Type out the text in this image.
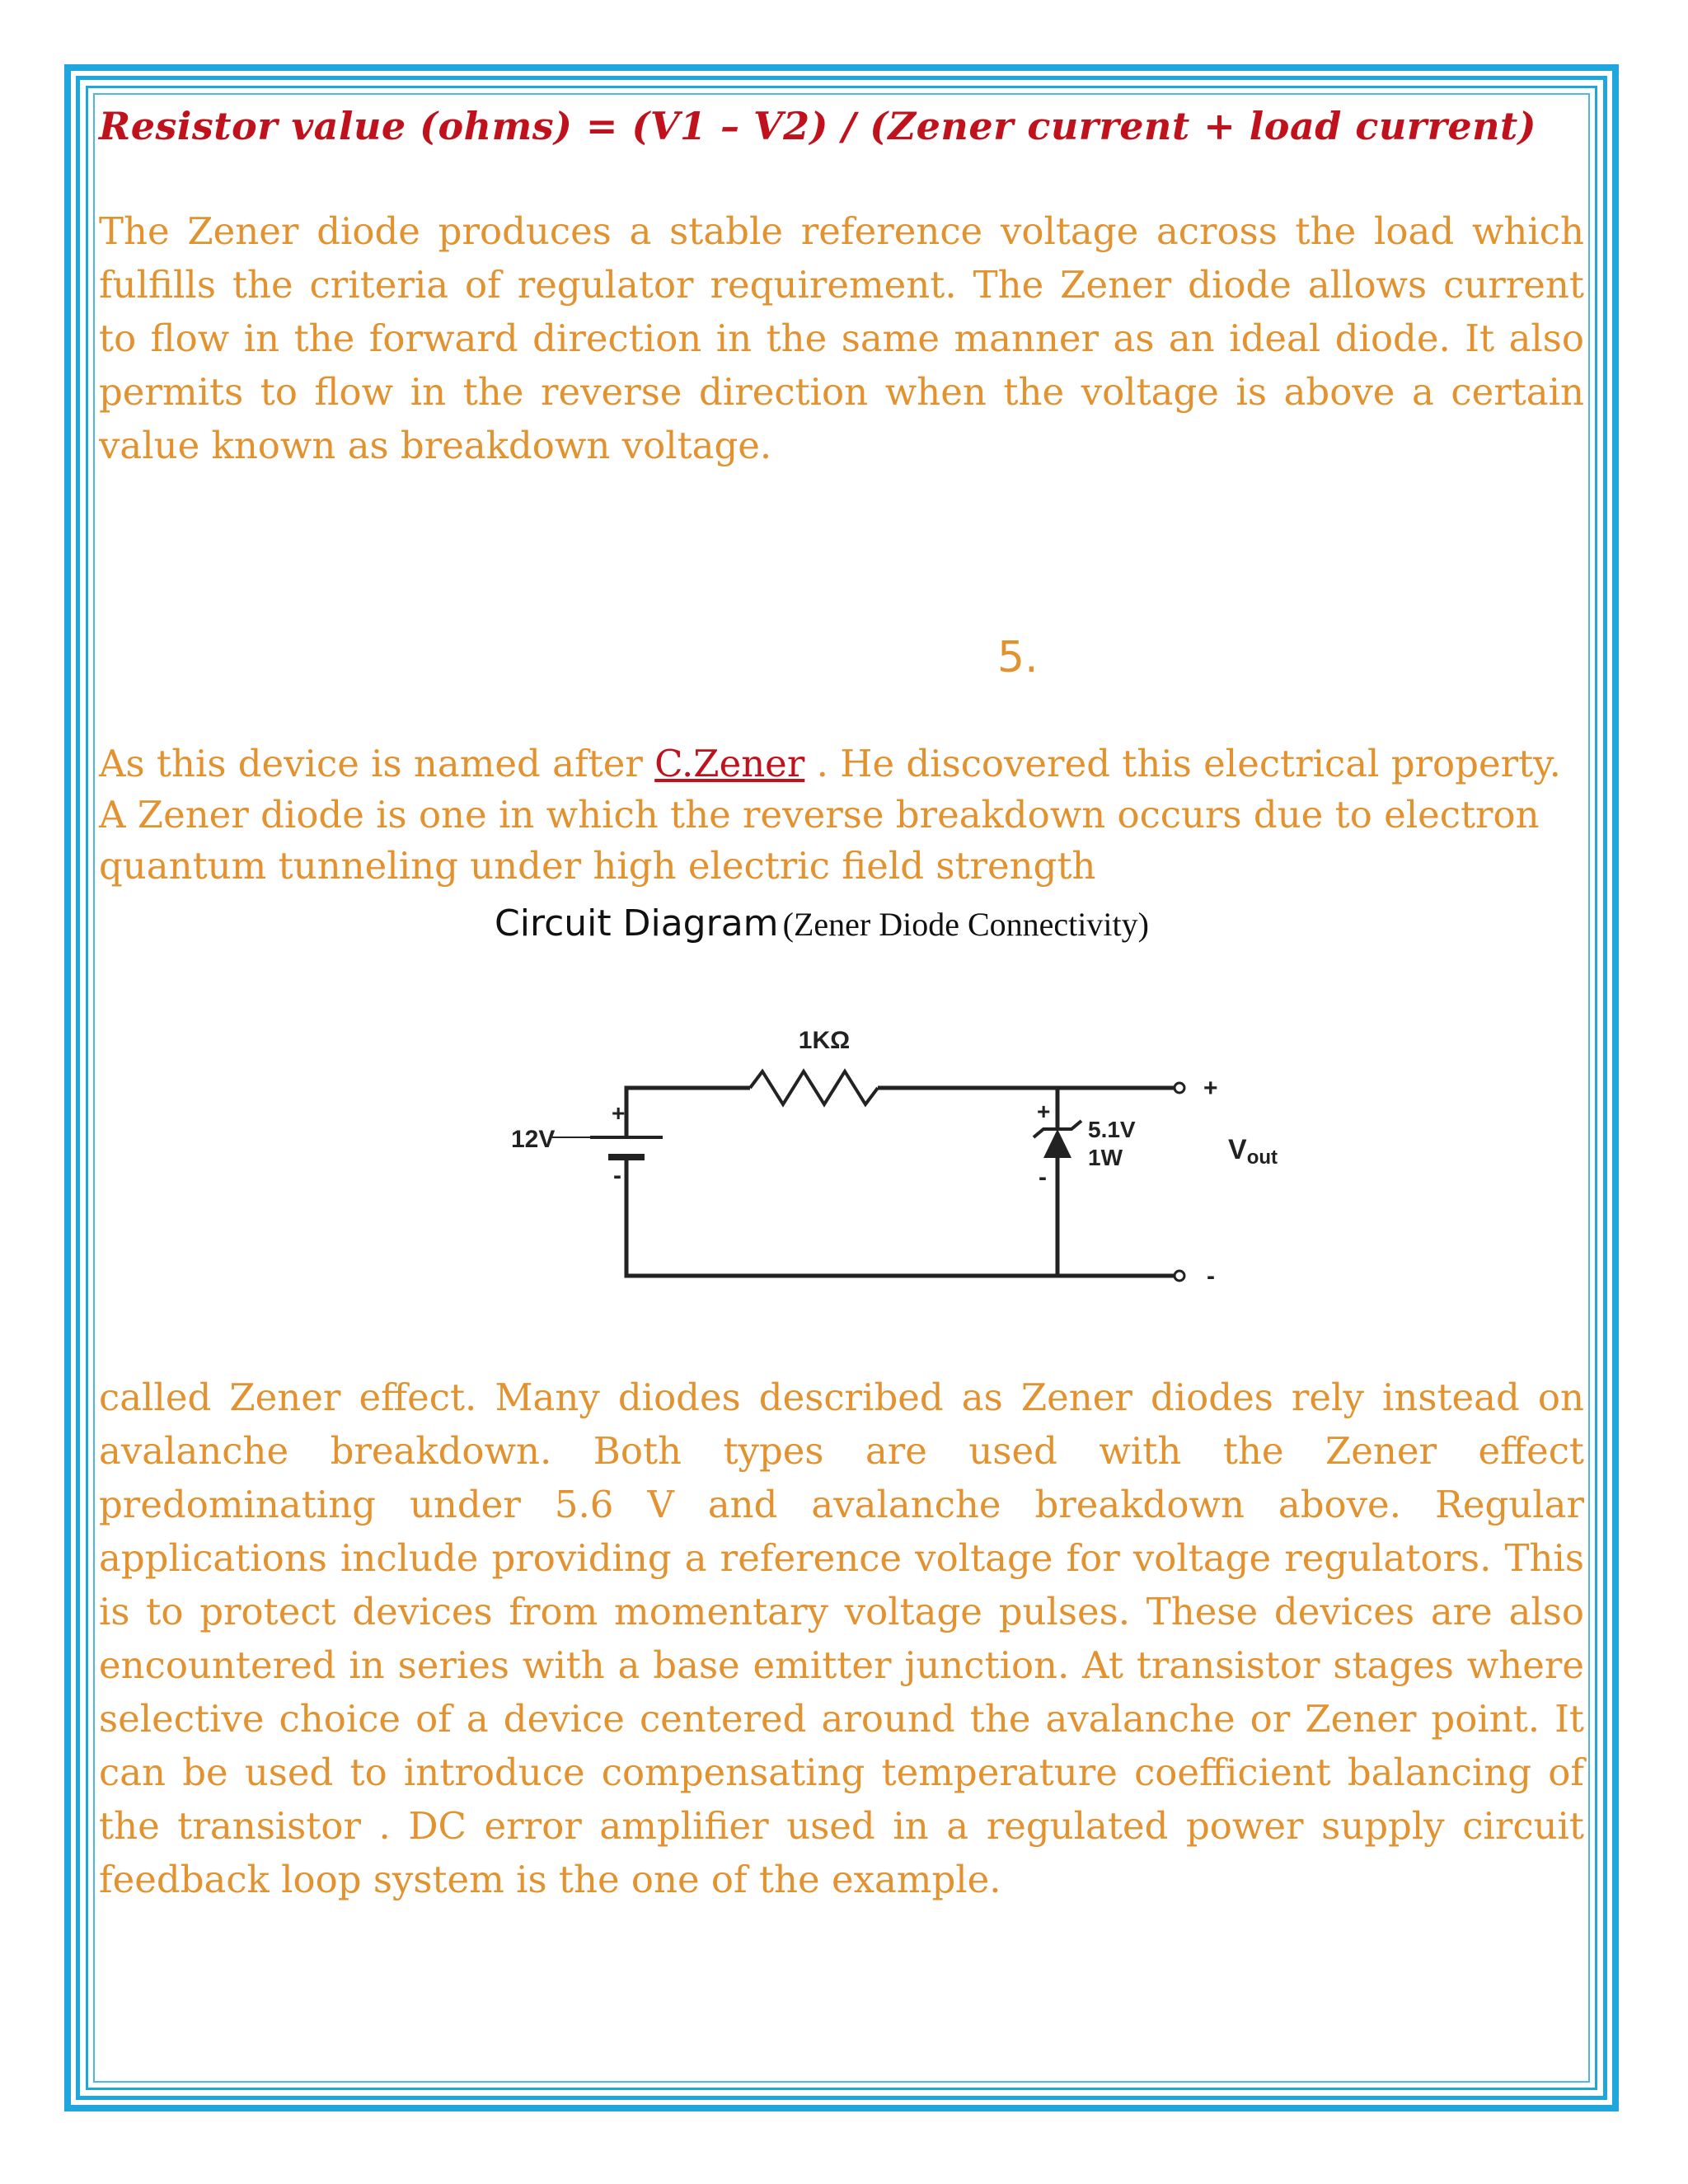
Resistor value (ohms) = (V1 – V2) / (Zener current + load current)

The Zener diode produces a stable reference voltage across the load which fulfills the criteria of regulator requirement. The Zener diode allows current to flow in the forward direction in the same manner as an ideal diode. It also permits to flow in the reverse direction when the voltage is above a certain value known as breakdown voltage.

5.

As this device is named after C.Zener . He discovered this electrical property. A Zener diode is one in which the reverse breakdown occurs due to electron quantum tunneling under high electric field strength

Circuit Diagram (Zener Diode Connectivity)
1KΩ
12V
+
-
+
-
5.1V
1W
+
-
Vout

called Zener effect. Many diodes described as Zener diodes rely instead on avalanche breakdown. Both types are used with the Zener effect predominating under 5.6 V and avalanche breakdown above. Regular applications include providing a reference voltage for voltage regulators. This is to protect devices from momentary voltage pulses. These devices are also encountered in series with a base emitter junction. At transistor stages where selective choice of a device centered around the avalanche or Zener point. It can be used to introduce compensating temperature coefficient balancing of the transistor . DC error amplifier used in a regulated power supply circuit feedback loop system is the one of the example.
